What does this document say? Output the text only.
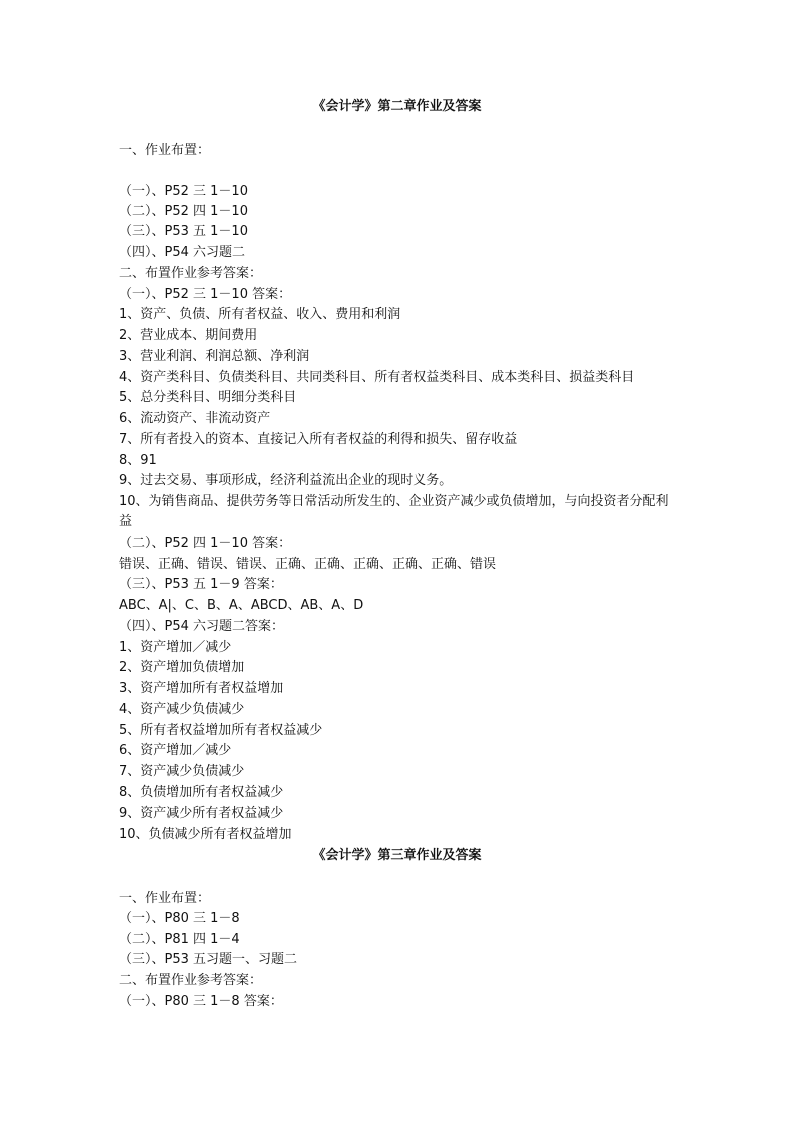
《会计学》第二章作业及答案
一、作业布置：
（一）、P52 三 1－10
（二）、P52 四 1－10
（三）、P53 五 1－10
（四）、P54 六习题二
二、布置作业参考答案：
（一）、P52 三 1－10 答案：
1、资产、负债、所有者权益、收入、费用和利润
2、营业成本、期间费用
3、营业利润、利润总额、净利润
4、资产类科目、负债类科目、共同类科目、所有者权益类科目、成本类科目、损益类科目
5、总分类科目、明细分类科目
6、流动资产、非流动资产
7、所有者投入的资本、直接记入所有者权益的利得和损失、留存收益
8、91
9、过去交易、事项形成，经济利益流出企业的现时义务。
10、为销售商品、提供劳务等日常活动所发生的、企业资产减少或负债增加，与向投资者分配利益
（二）、P52 四 1－10 答案：
错误、正确、错误、错误、正确、正确、正确、正确、正确、错误
（三）、P53 五 1－9 答案：
ABC、A|、C、B、A、ABCD、AB、A、D
（四）、P54 六习题二答案：
1、资产增加／减少
2、资产增加负债增加
3、资产增加所有者权益增加
4、资产减少负债减少
5、所有者权益增加所有者权益减少
6、资产增加／减少
7、资产减少负债减少
8、负债增加所有者权益减少
9、资产减少所有者权益减少
10、负债减少所有者权益增加
《会计学》第三章作业及答案
一、作业布置：
（一）、P80 三 1－8
（二）、P81 四 1－4
（三）、P53 五习题一、习题二
二、布置作业参考答案：
（一）、P80 三 1－8 答案：
